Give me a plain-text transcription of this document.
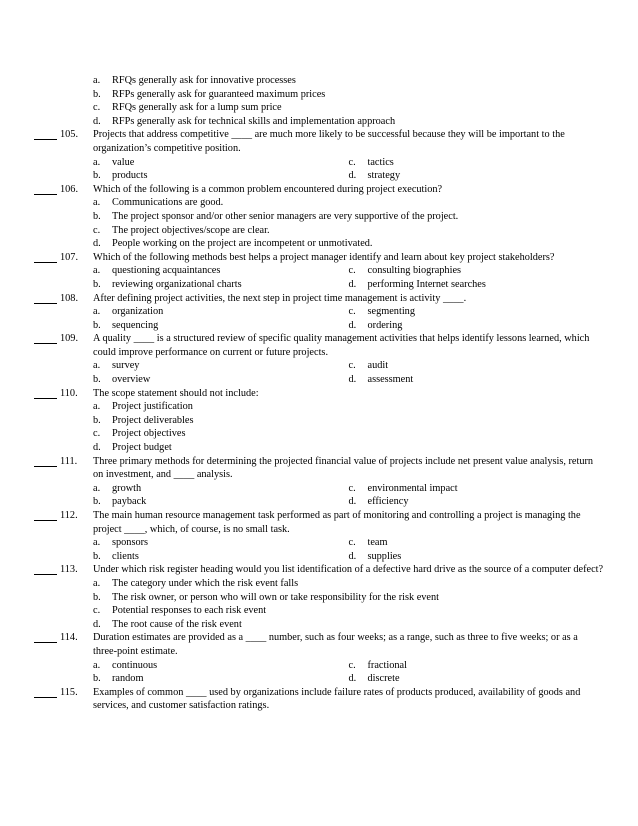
a.	RFQs generally ask for innovative processes
b.	RFPs generally ask for guaranteed maximum prices
c.	RFQs generally ask for a lump sum price
d.	RFPs generally ask for technical skills and implementation approach
105. Projects that address competitive ____ are much more likely to be successful because they will be important to the organization’s competitive position.
a.	value	c.	tactics
b.	products	d.	strategy
106. Which of the following is a common problem encountered during project execution?
a.	Communications are good.
b.	The project sponsor and/or other senior managers are very supportive of the project.
c.	The project objectives/scope are clear.
d.	People working on the project are incompetent or unmotivated.
107. Which of the following methods best helps a project manager identify and learn about key project stakeholders?
a.	questioning acquaintances	c.	consulting biographies
b.	reviewing organizational charts	d.	performing Internet searches
108. After defining project activities, the next step in project time management is activity ____.
a.	organization	c.	segmenting
b.	sequencing	d.	ordering
109. A quality ____ is a structured review of specific quality management activities that helps identify lessons learned, which could improve performance on current or future projects.
a.	survey	c.	audit
b.	overview	d.	assessment
110. The scope statement should not include:
a.	Project justification
b.	Project deliverables
c.	Project objectives
d.	Project budget
111. Three primary methods for determining the projected financial value of projects include net present value analysis, return on investment, and ____ analysis.
a.	growth	c.	environmental impact
b.	payback	d.	efficiency
112. The main human resource management task performed as part of monitoring and controlling a project is managing the project ____, which, of course, is no small task.
a.	sponsors	c.	team
b.	clients	d.	supplies
113. Under which risk register heading would you list identification of a defective hard drive as the source of a computer defect?
a.	The category under which the risk event falls
b.	The risk owner, or person who will own or take responsibility for the risk event
c.	Potential responses to each risk event
d.	The root cause of the risk event
114. Duration estimates are provided as a ____ number, such as four weeks; as a range, such as three to five weeks; or as a three-point estimate.
a.	continuous	c.	fractional
b.	random	d.	discrete
115. Examples of common ____ used by organizations include failure rates of products produced, availability of goods and services, and customer satisfaction ratings.
